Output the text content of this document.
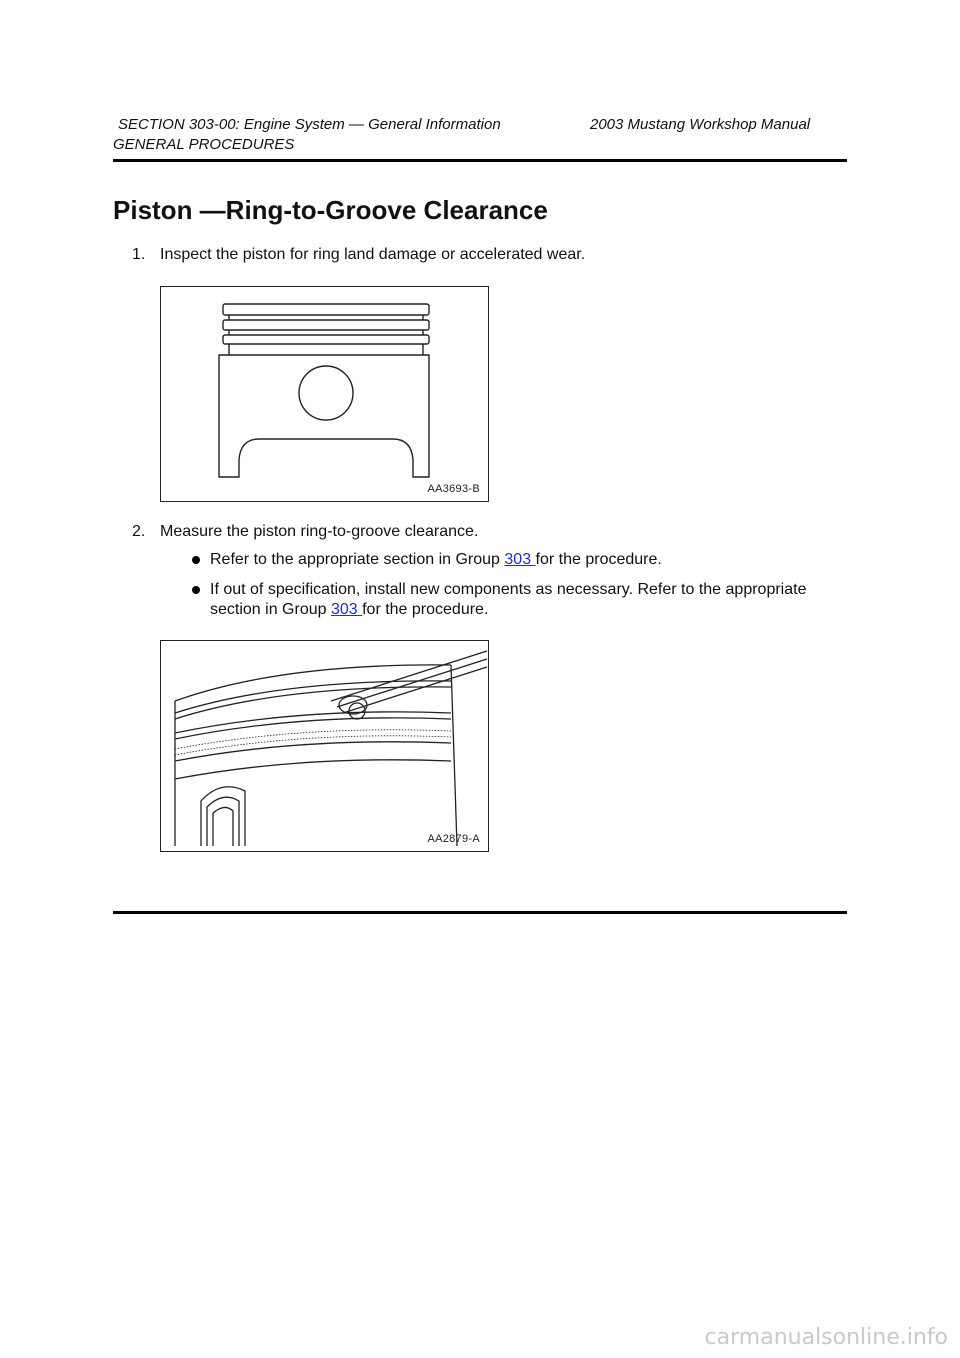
SECTION 303-00: Engine System — General Information	2003 Mustang Workshop Manual
GENERAL PROCEDURES
Piston —Ring-to-Groove Clearance
1. Inspect the piston for ring land damage or accelerated wear.
AA3693-B
2. Measure the piston ring-to-groove clearance.
Refer to the appropriate section in Group 303 for the procedure.
If out of specification, install new components as necessary. Refer to the appropriate section in Group 303 for the procedure.
AA2879-A
carmanualsonline.info
